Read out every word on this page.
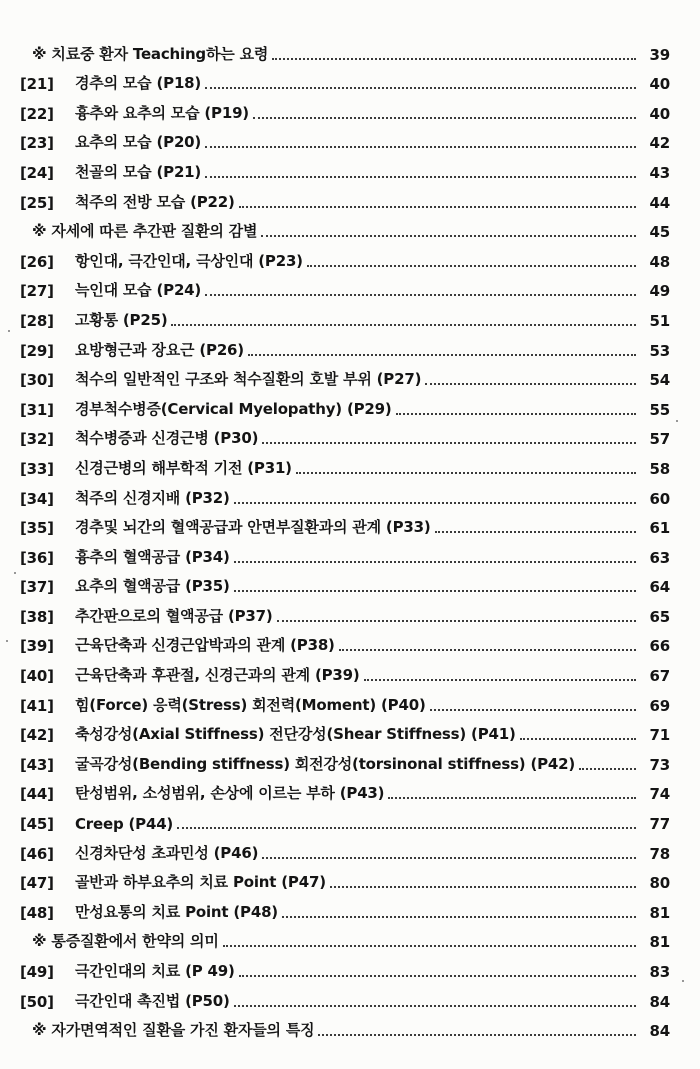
※ 치료중 환자 Teaching하는 요령	39
[21]	경추의 모습 (P18)	40
[22]	흉추와 요추의 모습 (P19)	40
[23]	요추의 모습 (P20)	42
[24]	천골의 모습 (P21)	43
[25]	척주의 전방 모습 (P22)	44
※ 자세에 따른 추간판 질환의 감별	45
[26]	항인대, 극간인대, 극상인대 (P23)	48
[27]	늑인대 모습 (P24)	49
[28]	고황통 (P25)	51
[29]	요방형근과 장요근 (P26)	53
[30]	척수의 일반적인 구조와 척수질환의 호발 부위 (P27)	54
[31]	경부척수병증(Cervical Myelopathy) (P29)	55
[32]	척수병증과 신경근병 (P30)	57
[33]	신경근병의 해부학적 기전 (P31)	58
[34]	척주의 신경지배 (P32)	60
[35]	경추및 뇌간의 혈액공급과 안면부질환과의 관계 (P33)	61
[36]	흉추의 혈액공급 (P34)	63
[37]	요추의 혈액공급 (P35)	64
[38]	추간판으로의 혈액공급 (P37)	65
[39]	근육단축과 신경근압박과의 관계 (P38)	66
[40]	근육단축과 후관절, 신경근과의 관계 (P39)	67
[41]	힘(Force) 응력(Stress) 회전력(Moment) (P40)	69
[42]	축성강성(Axial Stiffness) 전단강성(Shear Stiffness) (P41)	71
[43]	굴곡강성(Bending stiffness) 회전강성(torsinonal stiffness) (P42)	73
[44]	탄성범위, 소성범위, 손상에 이르는 부하 (P43)	74
[45]	Creep (P44)	77
[46]	신경차단성 초과민성 (P46)	78
[47]	골반과 하부요추의 치료 Point (P47)	80
[48]	만성요통의 치료 Point (P48)	81
※ 통증질환에서 한약의 의미	81
[49]	극간인대의 치료 (P 49)	83
[50]	극간인대 촉진법 (P50)	84
※ 자가면역적인 질환을 가진 환자들의 특징	84
